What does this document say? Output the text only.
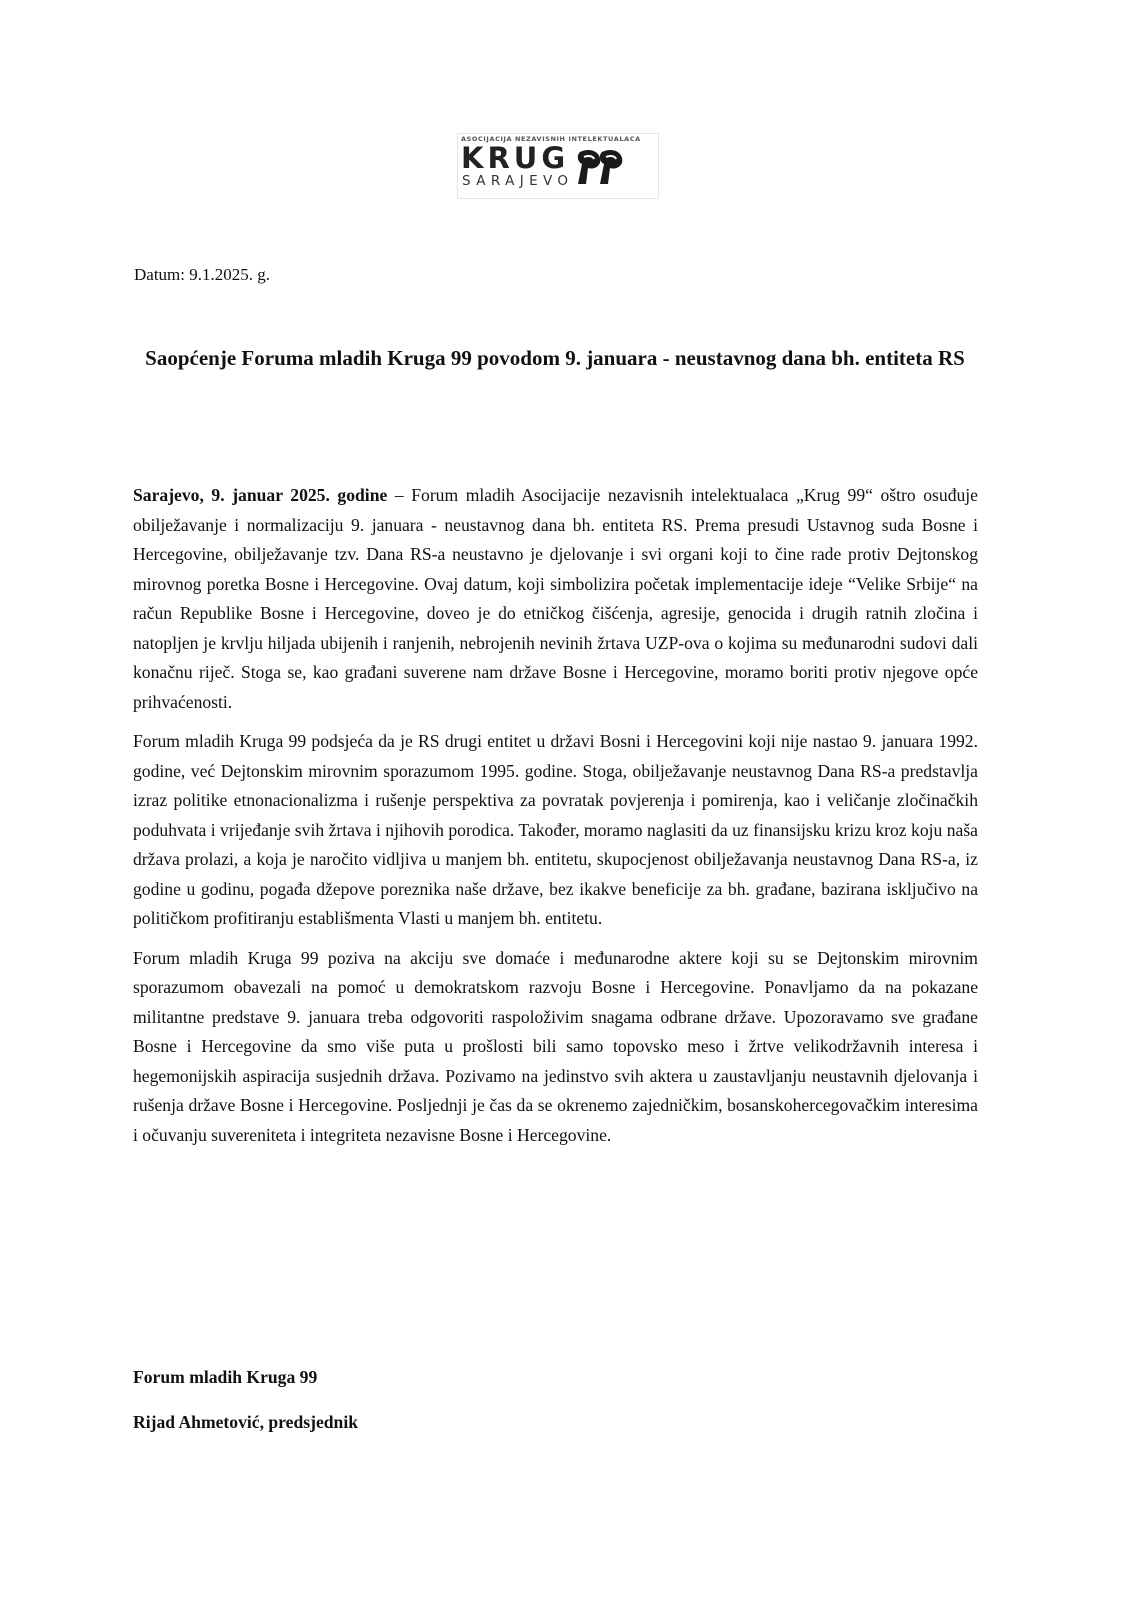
ASOCIJACIJA NEZAVISNIH INTELEKTUALACA
KRUG
SARAJEVO
Datum: 9.1.2025. g.
Saopćenje Foruma mladih Kruga 99 povodom 9. januara - neustavnog dana bh. entiteta RS

Sarajevo, 9. januar 2025. godine – Forum mladih Asocijacije nezavisnih intelektualaca „Krug 99“ oštro osuđuje obilježavanje i normalizaciju 9. januara - neustavnog dana bh. entiteta RS. Prema presudi Ustavnog suda Bosne i Hercegovine, obilježavanje tzv. Dana RS-a neustavno je djelovanje i svi organi koji to čine rade protiv Dejtonskog mirovnog poretka Bosne i Hercegovine. Ovaj datum, koji simbolizira početak implementacije ideje “Velike Srbije“ na račun Republike Bosne i Hercegovine, doveo je do etničkog čišćenja, agresije, genocida i drugih ratnih zločina i natopljen je krvlju hiljada ubijenih i ranjenih, nebrojenih nevinih žrtava UZP-ova o kojima su međunarodni sudovi dali konačnu riječ. Stoga se, kao građani suverene nam države Bosne i Hercegovine, moramo boriti protiv njegove opće prihvaćenosti.

Forum mladih Kruga 99 podsjeća da je RS drugi entitet u državi Bosni i Hercegovini koji nije nastao 9. januara 1992. godine, već Dejtonskim mirovnim sporazumom 1995. godine. Stoga, obilježavanje neustavnog Dana RS-a predstavlja izraz politike etnonacionalizma i rušenje perspektiva za povratak povjerenja i pomirenja, kao i veličanje zločinačkih poduhvata i vrijeđanje svih žrtava i njihovih porodica. Također, moramo naglasiti da uz finansijsku krizu kroz koju naša država prolazi, a koja je naročito vidljiva u manjem bh. entitetu, skupocjenost obilježavanja neustavnog Dana RS-a, iz godine u godinu, pogađa džepove poreznika naše države, bez ikakve beneficije za bh. građane, bazirana isključivo na političkom profitiranju establišmenta Vlasti u manjem bh. entitetu.

Forum mladih Kruga 99 poziva na akciju sve domaće i međunarodne aktere koji su se Dejtonskim mirovnim sporazumom obavezali na pomoć u demokratskom razvoju Bosne i Hercegovine. Ponavljamo da na pokazane militantne predstave 9. januara treba odgovoriti raspoloživim snagama odbrane države. Upozoravamo sve građane Bosne i Hercegovine da smo više puta u prošlosti bili samo topovsko meso i žrtve velikodržavnih interesa i hegemonijskih aspiracija susjednih država. Pozivamo na jedinstvo svih aktera u zaustavljanju neustavnih djelovanja i rušenja države Bosne i Hercegovine. Posljednji je čas da se okrenemo zajedničkim, bosanskohercegovačkim interesima i očuvanju suvereniteta i integriteta nezavisne Bosne i Hercegovine.

Forum mladih Kruga 99
Rijad Ahmetović, predsjednik
